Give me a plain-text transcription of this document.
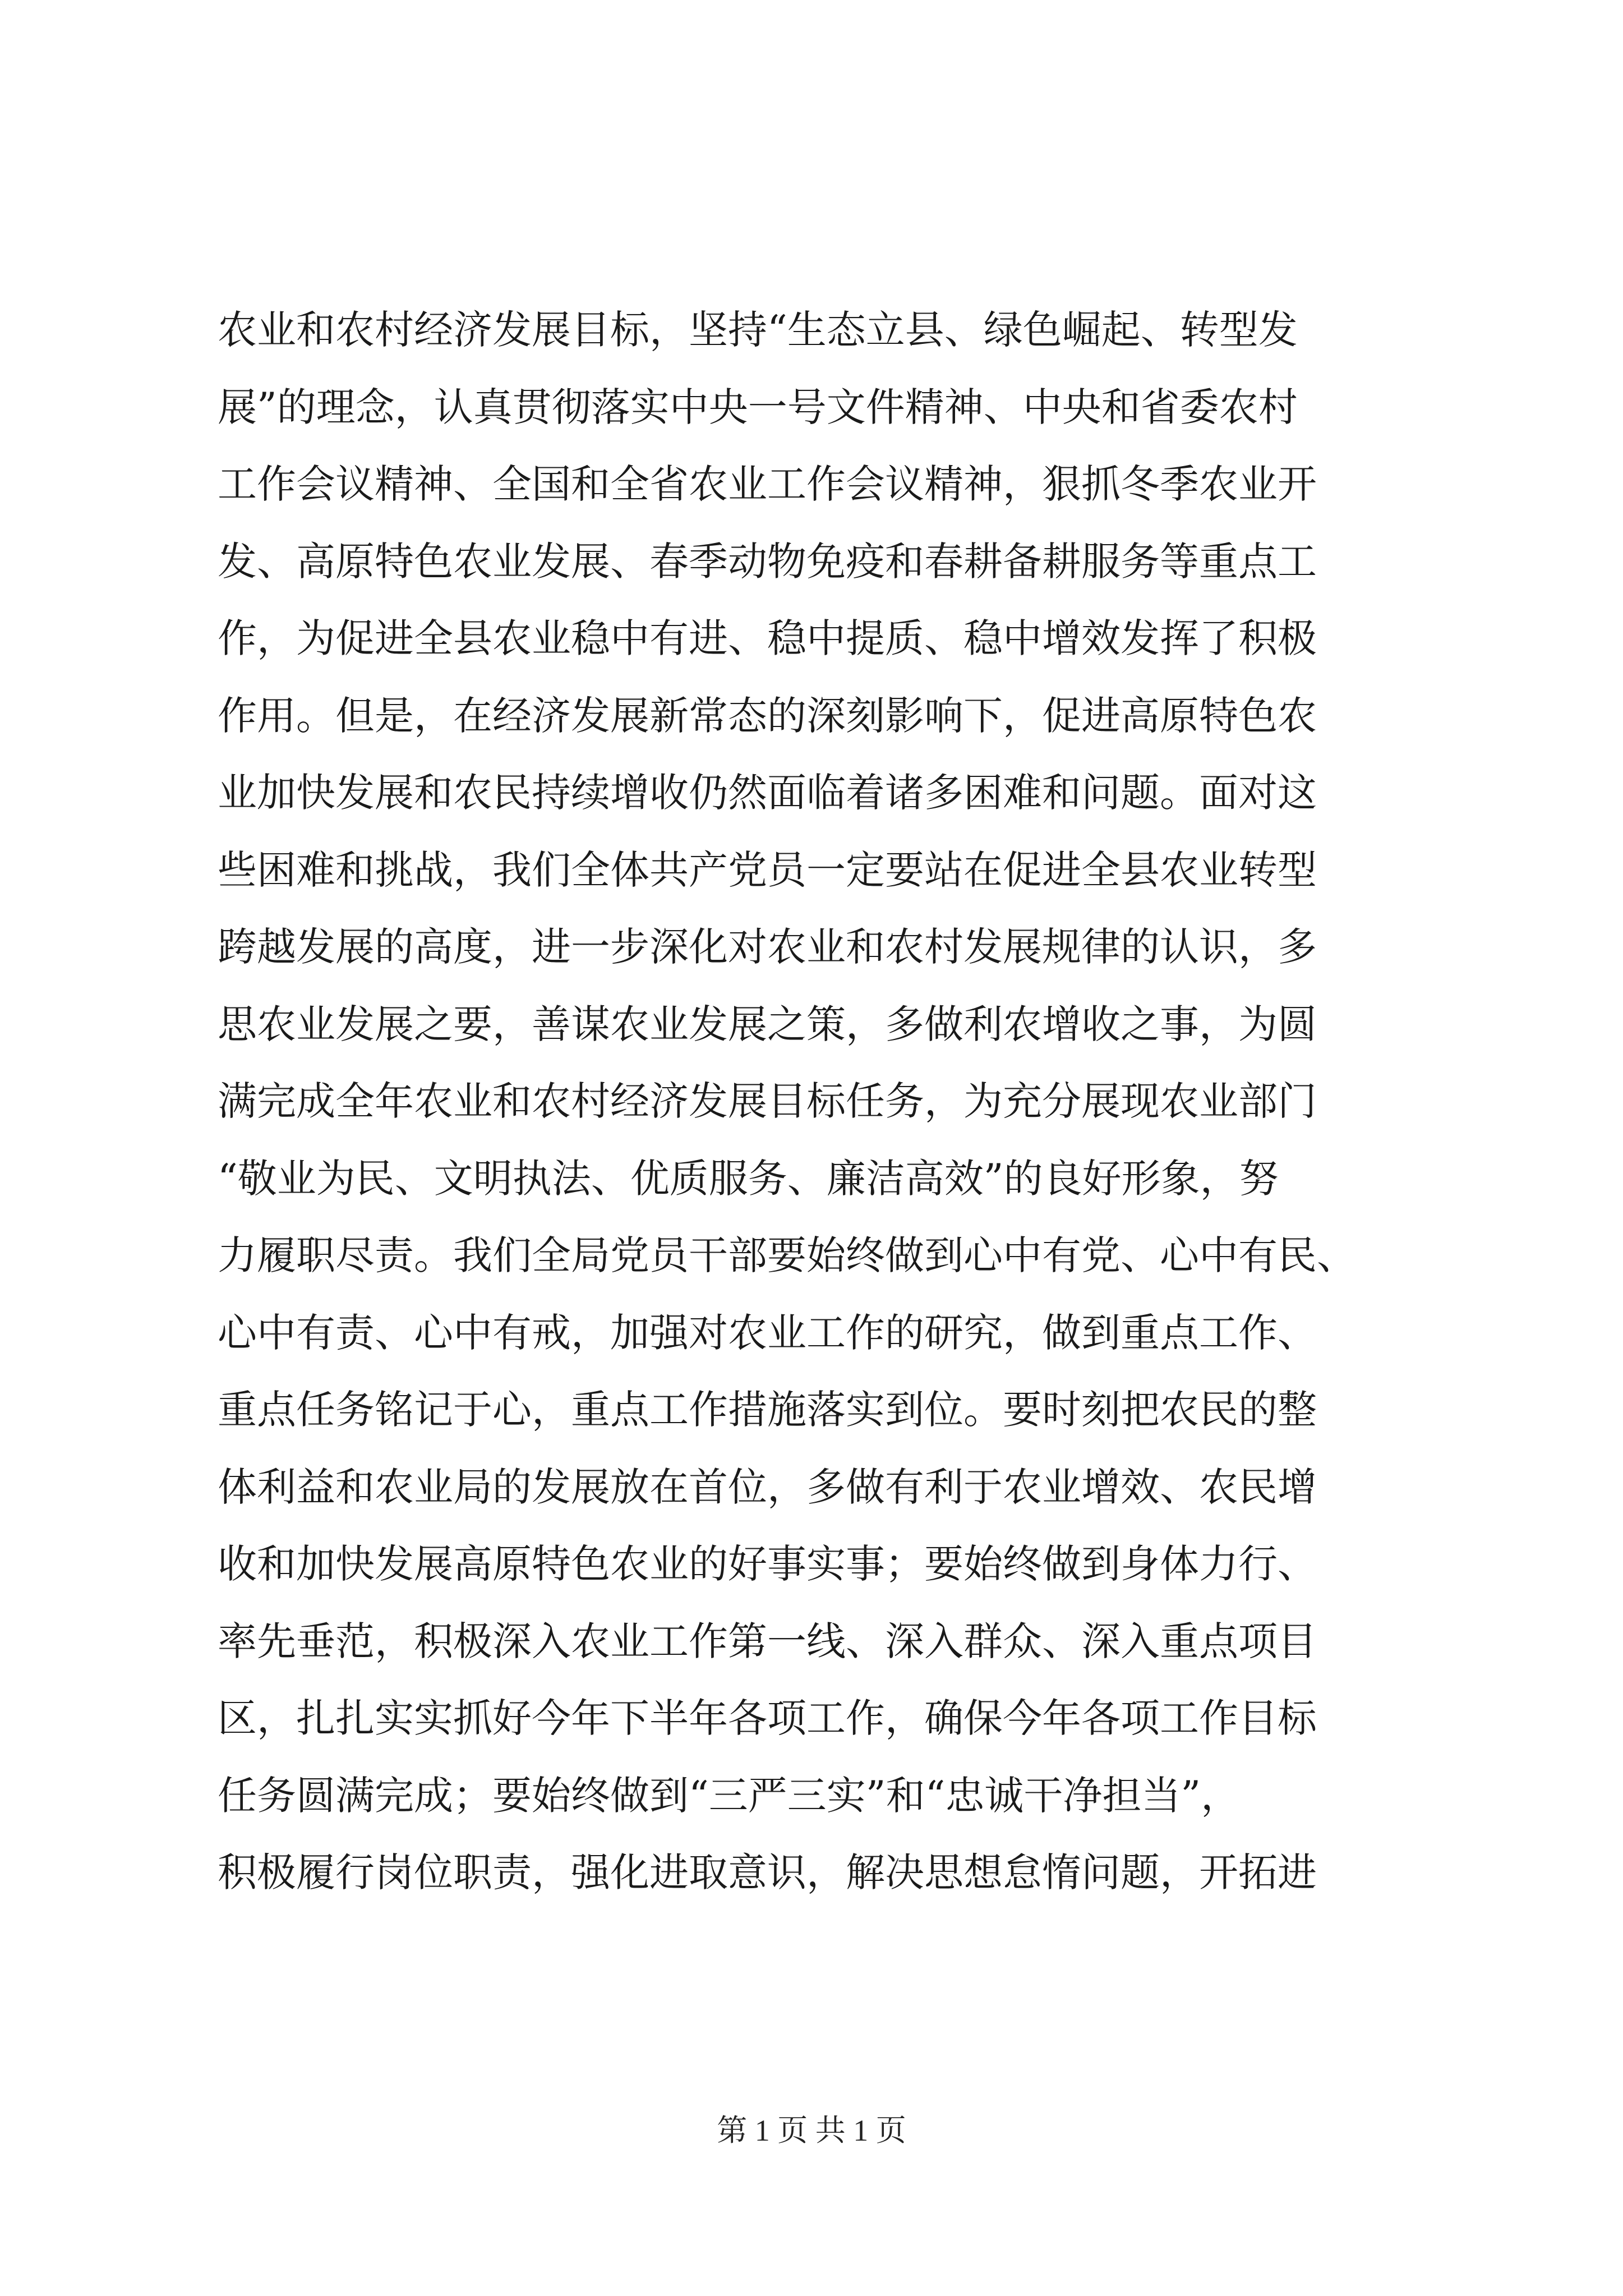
农业和农村经济发展目标，坚持“生态立县、绿色崛起、转型发
展”的理念，认真贯彻落实中央一号文件精神、中央和省委农村
工作会议精神、全国和全省农业工作会议精神，狠抓冬季农业开
发、高原特色农业发展、春季动物免疫和春耕备耕服务等重点工
作，为促进全县农业稳中有进、稳中提质、稳中增效发挥了积极
作用。但是，在经济发展新常态的深刻影响下，促进高原特色农
业加快发展和农民持续增收仍然面临着诸多困难和问题。面对这
些困难和挑战，我们全体共产党员一定要站在促进全县农业转型
跨越发展的高度，进一步深化对农业和农村发展规律的认识，多
思农业发展之要，善谋农业发展之策，多做利农增收之事，为圆
满完成全年农业和农村经济发展目标任务，为充分展现农业部门
“敬业为民、文明执法、优质服务、廉洁高效”的良好形象，努
力履职尽责。我们全局党员干部要始终做到心中有党、心中有民、
心中有责、心中有戒，加强对农业工作的研究，做到重点工作、
重点任务铭记于心，重点工作措施落实到位。要时刻把农民的整
体利益和农业局的发展放在首位，多做有利于农业增效、农民增
收和加快发展高原特色农业的好事实事；要始终做到身体力行、
率先垂范，积极深入农业工作第一线、深入群众、深入重点项目
区，扎扎实实抓好今年下半年各项工作，确保今年各项工作目标
任务圆满完成；要始终做到“三严三实”和“忠诚干净担当”，
积极履行岗位职责，强化进取意识，解决思想怠惰问题，开拓进
第 1 页 共 1 页
